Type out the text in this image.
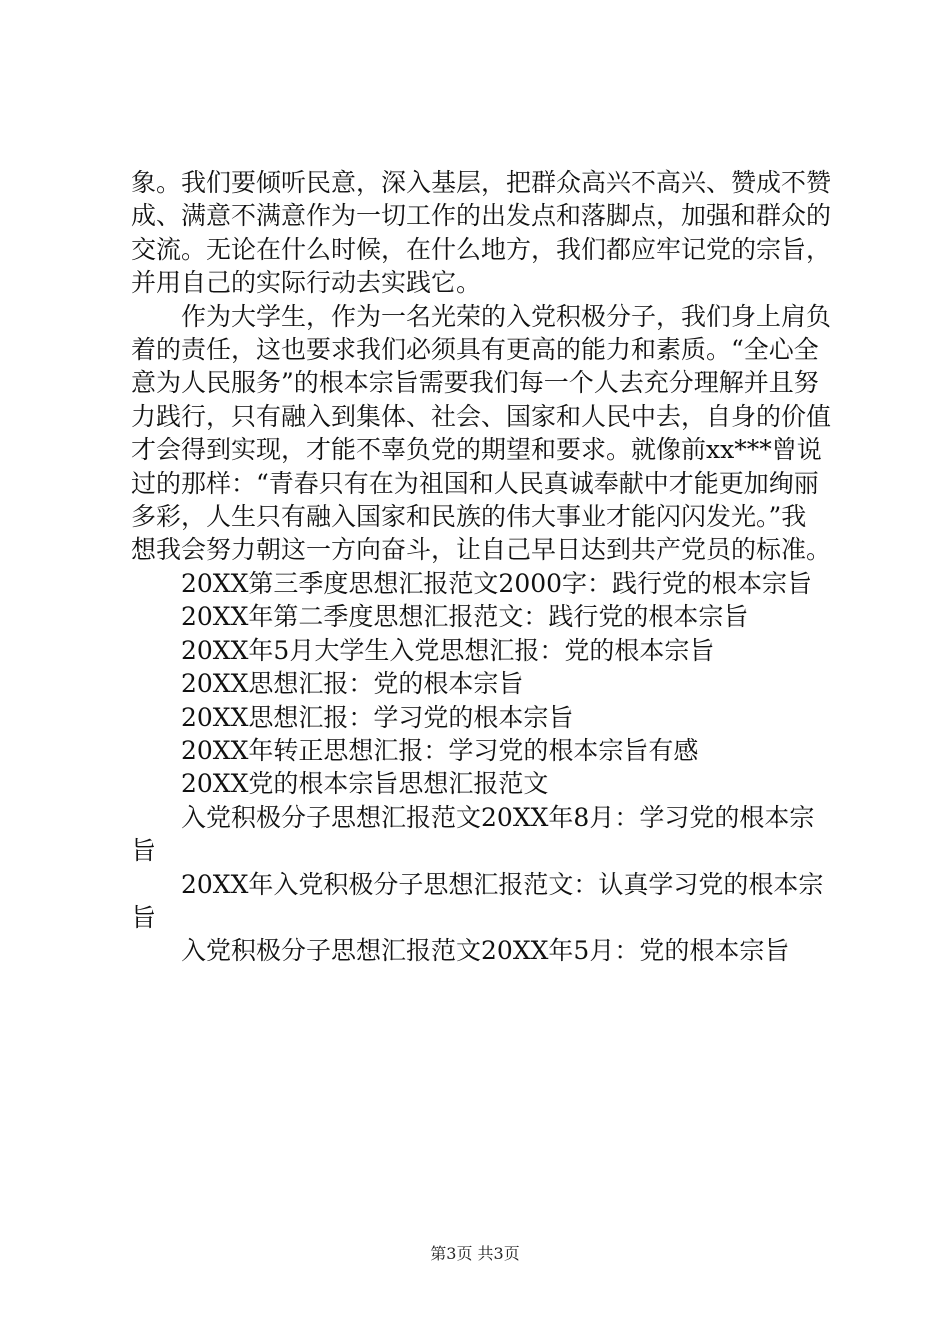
象。我们要倾听民意，深入基层，把群众高兴不高兴、赞成不赞成、满意不满意作为一切工作的出发点和落脚点，加强和群众的交流。无论在什么时候，在什么地方，我们都应牢记党的宗旨，并用自己的实际行动去实践它。

作为大学生，作为一名光荣的入党积极分子，我们身上肩负着的责任，这也要求我们必须具有更高的能力和素质。“全心全意为人民服务”的根本宗旨需要我们每一个人去充分理解并且努力践行，只有融入到集体、社会、国家和人民中去，自身的价值才会得到实现，才能不辜负党的期望和要求。就像前xx***曾说过的那样：“青春只有在为祖国和人民真诚奉献中才能更加绚丽多彩，人生只有融入国家和民族的伟大事业才能闪闪发光。”我想我会努力朝这一方向奋斗，让自己早日达到共产党员的标准。

20XX第三季度思想汇报范文2000字：践行党的根本宗旨

20XX年第二季度思想汇报范文：践行党的根本宗旨

20XX年5月大学生入党思想汇报：党的根本宗旨

20XX思想汇报：党的根本宗旨

20XX思想汇报：学习党的根本宗旨

20XX年转正思想汇报：学习党的根本宗旨有感

20XX党的根本宗旨思想汇报范文

入党积极分子思想汇报范文20XX年8月：学习党的根本宗旨

20XX年入党积极分子思想汇报范文：认真学习党的根本宗旨

入党积极分子思想汇报范文20XX年5月：党的根本宗旨

第3页 共3页
